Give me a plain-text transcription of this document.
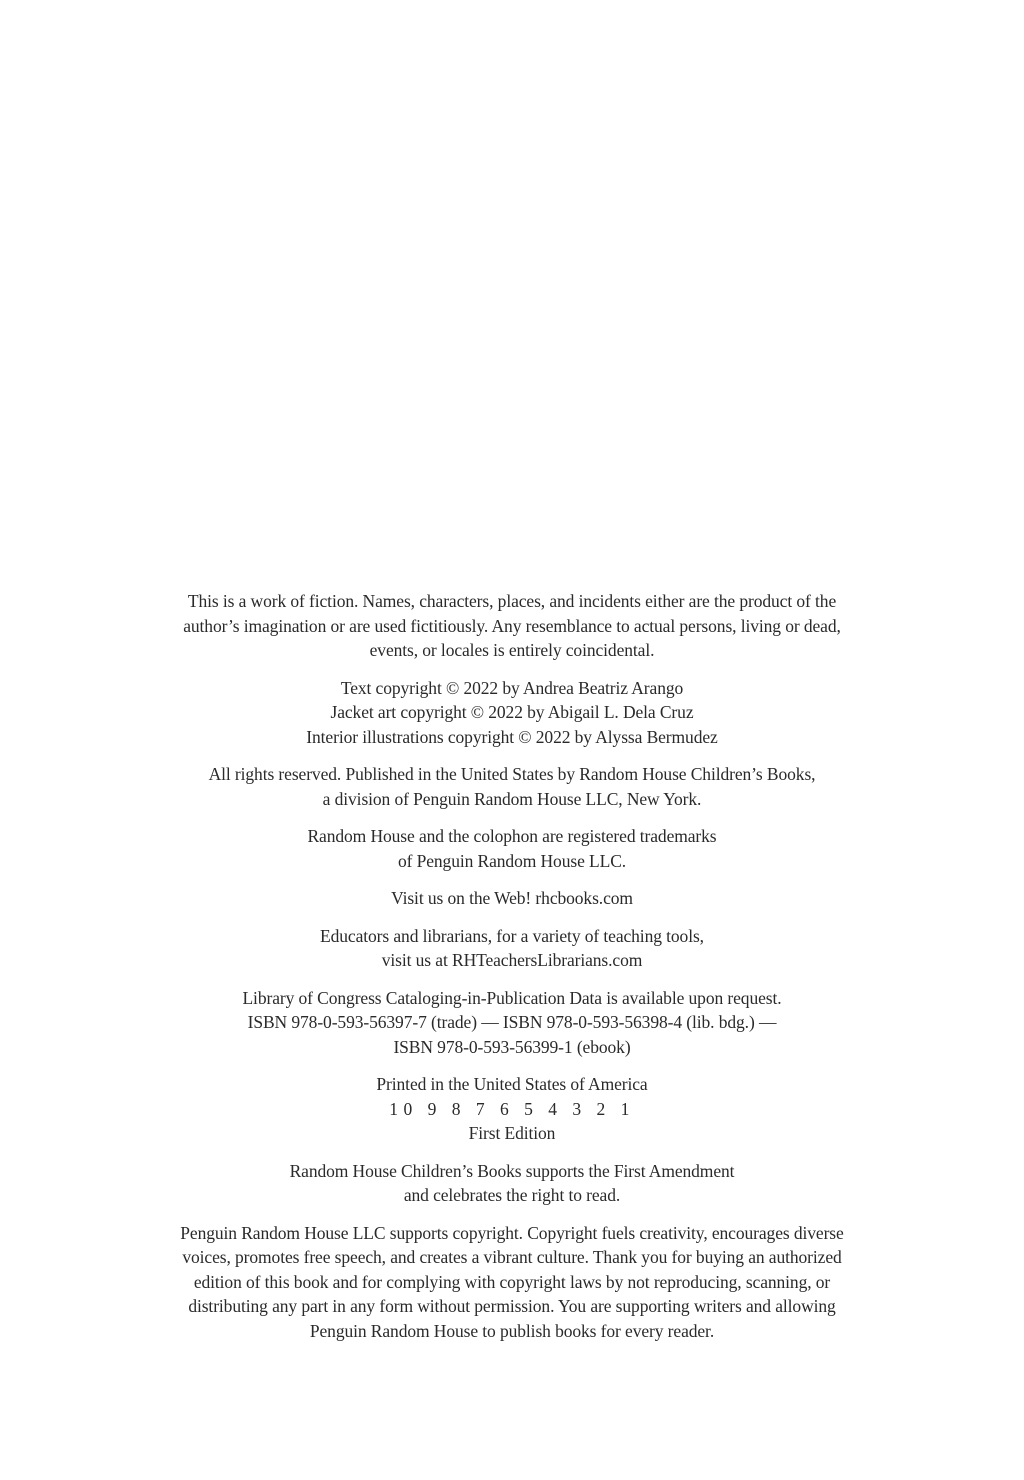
This is a work of fiction. Names, characters, places, and incidents either are the product of the
author’s imagination or are used fictitiously. Any resemblance to actual persons, living or dead,
events, or locales is entirely coincidental.

Text copyright © 2022 by Andrea Beatriz Arango
Jacket art copyright © 2022 by Abigail L. Dela Cruz
Interior illustrations copyright © 2022 by Alyssa Bermudez

All rights reserved. Published in the United States by Random House Children’s Books,
a division of Penguin Random House LLC, New York.

Random House and the colophon are registered trademarks
of Penguin Random House LLC.

Visit us on the Web! rhcbooks.com

Educators and librarians, for a variety of teaching tools,
visit us at RHTeachersLibrarians.com

Library of Congress Cataloging-in-Publication Data is available upon request.
ISBN 978-0-593-56397-7 (trade) — ISBN 978-0-593-56398-4 (lib. bdg.) —
ISBN 978-0-593-56399-1 (ebook)

Printed in the United States of America
10 9 8 7 6 5 4 3 2 1
First Edition

Random House Children’s Books supports the First Amendment
and celebrates the right to read.

Penguin Random House LLC supports copyright. Copyright fuels creativity, encourages diverse
voices, promotes free speech, and creates a vibrant culture. Thank you for buying an authorized
edition of this book and for complying with copyright laws by not reproducing, scanning, or
distributing any part in any form without permission. You are supporting writers and allowing
Penguin Random House to publish books for every reader.
